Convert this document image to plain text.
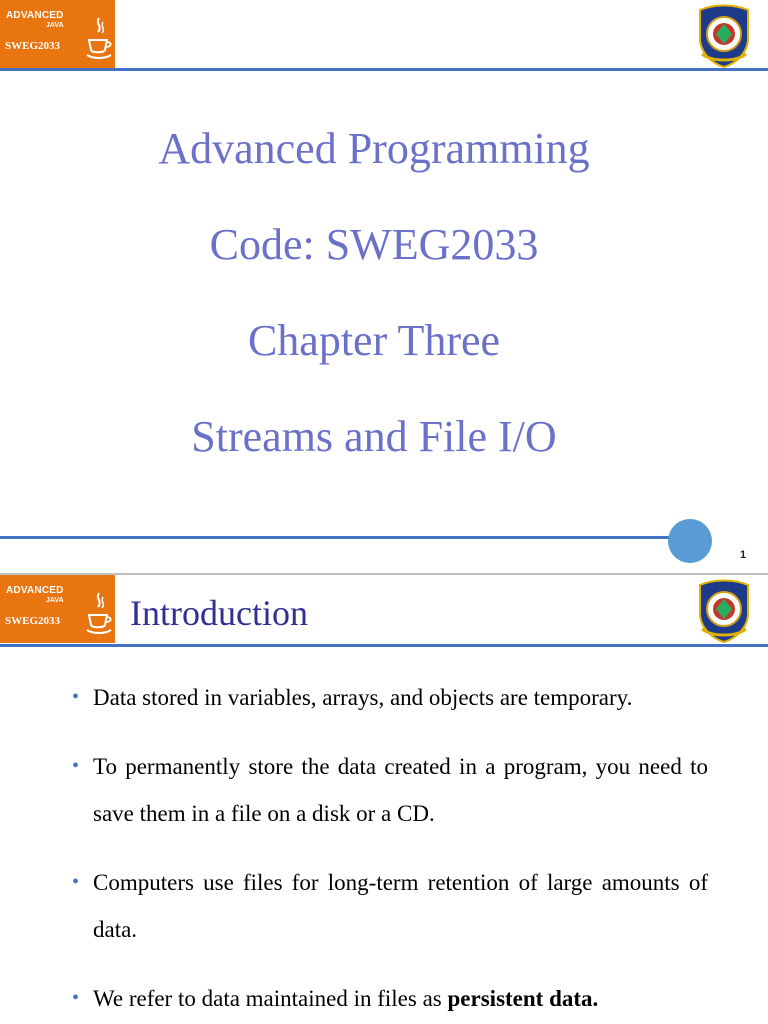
ADVANCED
JAVA
SWEG2033
Advanced Programming
Code: SWEG2033
Chapter Three
Streams and File I/O
1
ADVANCED
JAVA
SWEG2033 Introduction
• Data stored in variables, arrays, and objects are temporary.

• To permanently store the data created in a program, you need to save them in a file on a disk or a CD.

• Computers use files for long-term retention of large amounts of data.

• We refer to data maintained in files as persistent data.
